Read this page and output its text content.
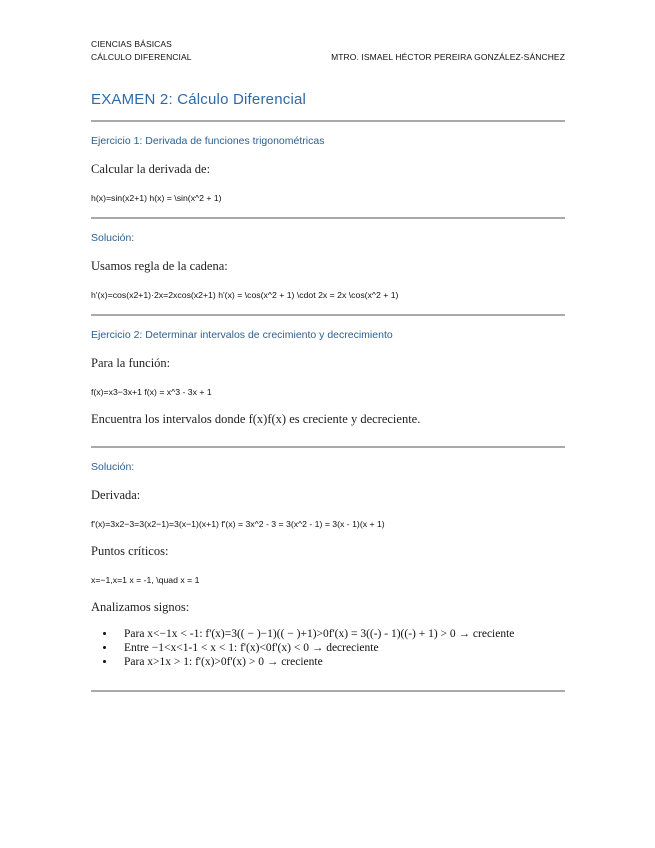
CIENCIAS BÁSICAS
CÁLCULO DIFERENCIAL	MTRO. ISMAEL HÉCTOR PEREIRA GONZÁLEZ-SÁNCHEZ
EXAMEN 2: Cálculo Diferencial
Ejercicio 1: Derivada de funciones trigonométricas
Calcular la derivada de:
h(x)=sin(x2+1) h(x) = \sin(x^2 + 1)
Solución:
Usamos regla de la cadena:
h'(x)=cos(x2+1)·2x=2xcos(x2+1) h'(x) = \cos(x^2 + 1) \cdot 2x = 2x \cos(x^2 + 1)
Ejercicio 2: Determinar intervalos de crecimiento y decrecimiento
Para la función:
f(x)=x3−3x+1 f(x) = x^3 - 3x + 1
Encuentra los intervalos donde f(x)f(x) es creciente y decreciente.
Solución:
Derivada:
f'(x)=3x2−3=3(x2−1)=3(x−1)(x+1) f'(x) = 3x^2 - 3 = 3(x^2 - 1) = 3(x - 1)(x + 1)
Puntos críticos:
x=−1,x=1 x = -1, \quad x = 1
Analizamos signos:
• Para x<−1x < -1: f'(x)=3(( − )−1)(( − )+1)>0f'(x) = 3((-) - 1)((-) + 1) > 0 → creciente
• Entre −1<x<1-1 < x < 1: f'(x)<0f'(x) < 0 → decreciente
• Para x>1x > 1: f'(x)>0f'(x) > 0 → creciente
